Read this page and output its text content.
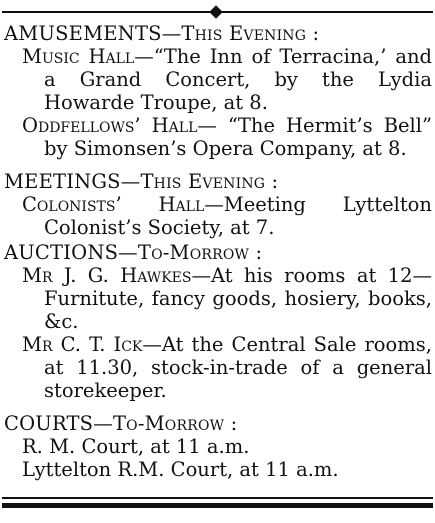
AMUSEMENTS—This Evening :
Music Hall—“The Inn of Terracina,’ and a Grand Concert, by the Lydia Howarde Troupe, at 8.
Oddfellows’ Hall— “The Hermit’s Bell” by Simonsen’s Opera Company, at 8.
MEETINGS—This Evening :
Colonists’ Hall—Meeting Lyttelton Colonist’s Society, at 7.
AUCTIONS—To-Morrow :
Mr J. G. Hawkes—At his rooms at 12—Furnitute, fancy goods, hosiery, books, &c.
Mr C. T. Ick—At the Central Sale rooms, at 11.30, stock-in-trade of a general storekeeper.
COURTS—To-Morrow :
R. M. Court, at 11 a.m.
Lyttelton R.M. Court, at 11 a.m.
